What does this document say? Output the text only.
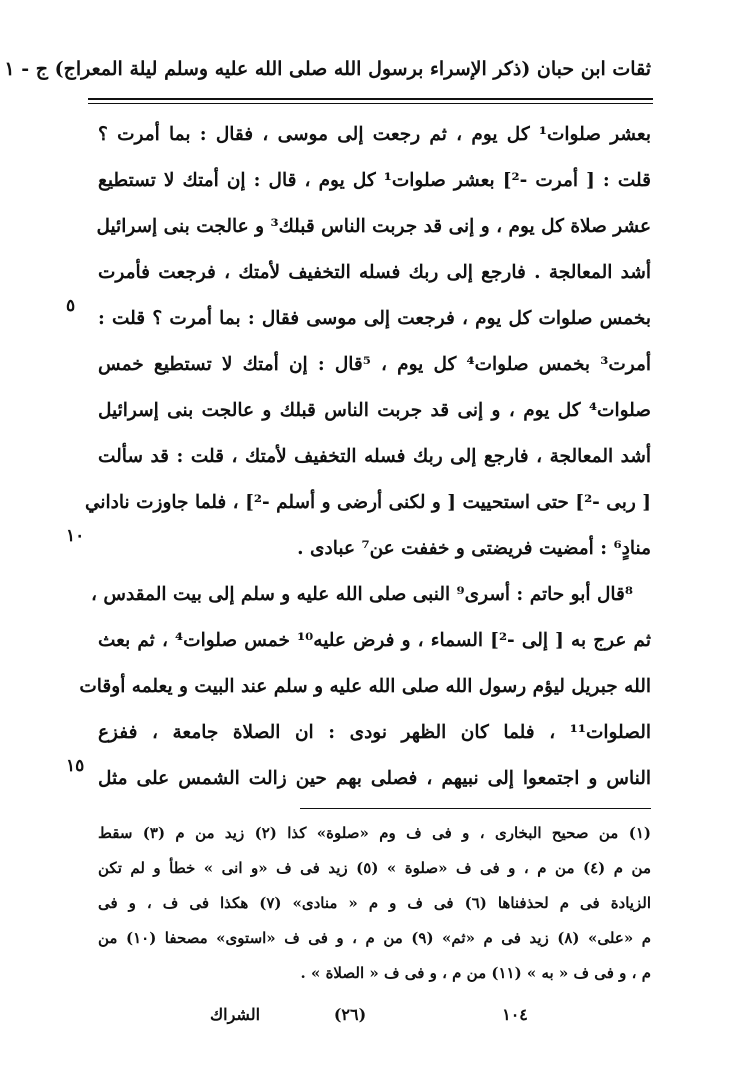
ثقات ابن حبان (ذكر الإسراء برسول الله صلى الله عليه وسلم ليلة المعراج) ج - ١
بعشر صلوات¹ كل يوم ، ثم رجعت إلى موسى ، فقال : بما أمرت ؟
قلت : [ أمرت -²] بعشر صلوات¹ كل يوم ، قال : إن أمتك لا تستطيع
عشر صلاة كل يوم ، و إنى قد جربت الناس قبلك³ و عالجت بنى إسرائيل
أشد المعالجة . فارجع إلى ربك فسله التخفيف لأمتك ، فرجعت فأمرت
٥
بخمس صلوات كل يوم ، فرجعت إلى موسى فقال : بما أمرت ؟ قلت :
أمرت³ بخمس صلوات⁴ كل يوم ، ⁵قال : إن أمتك لا تستطيع خمس
صلوات⁴ كل يوم ، و إنى قد جربت الناس قبلك و عالجت بنى إسرائيل
أشد المعالجة ، فارجع إلى ربك فسله التخفيف لأمتك ، قلت : قد سألت
[ ربى -²] حتى استحييت [ و لكنى أرضى و أسلم -²] ، فلما جاوزت ناداني
١٠
منادٍ⁶ : أمضيت فريضتى و خففت عن⁷ عبادى .
⁸قال أبو حاتم : أسرى⁹ النبى صلى الله عليه و سلم إلى بيت المقدس ،
ثم عرج به [ إلى -²] السماء ، و فرض عليه¹⁰ خمس صلوات⁴ ، ثم بعث
الله جبريل ليؤم رسول الله صلى الله عليه و سلم عند البيت و يعلمه أوقات
الصلوات¹¹ ، فلما كان الظهر نودى : ان الصلاة جامعة ، ففزع
١٥
الناس و اجتمعوا إلى نبيهم ، فصلى بهم حين زالت الشمس على مثل
(١) من صحيح البخارى ، و فى ف وم «صلوة» كذا (٢) زيد من م (٣) سقط
من م (٤) من م ، و فى ف «صلوة » (٥) زيد فى ف «و انى » خطأ و لم تكن
الزيادة فى م لحذفناها (٦) فى ف و م « منادى» (٧) هكذا فى ف ، و فى
م «على» (٨) زيد فى م «ثم» (٩) من م ، و فى ف «استوى» مصحفا (١٠) من
م ، و فى ف « به » (١١) من م ، و فى ف « الصلاة » .
١٠٤
(٢٦)
الشراك
